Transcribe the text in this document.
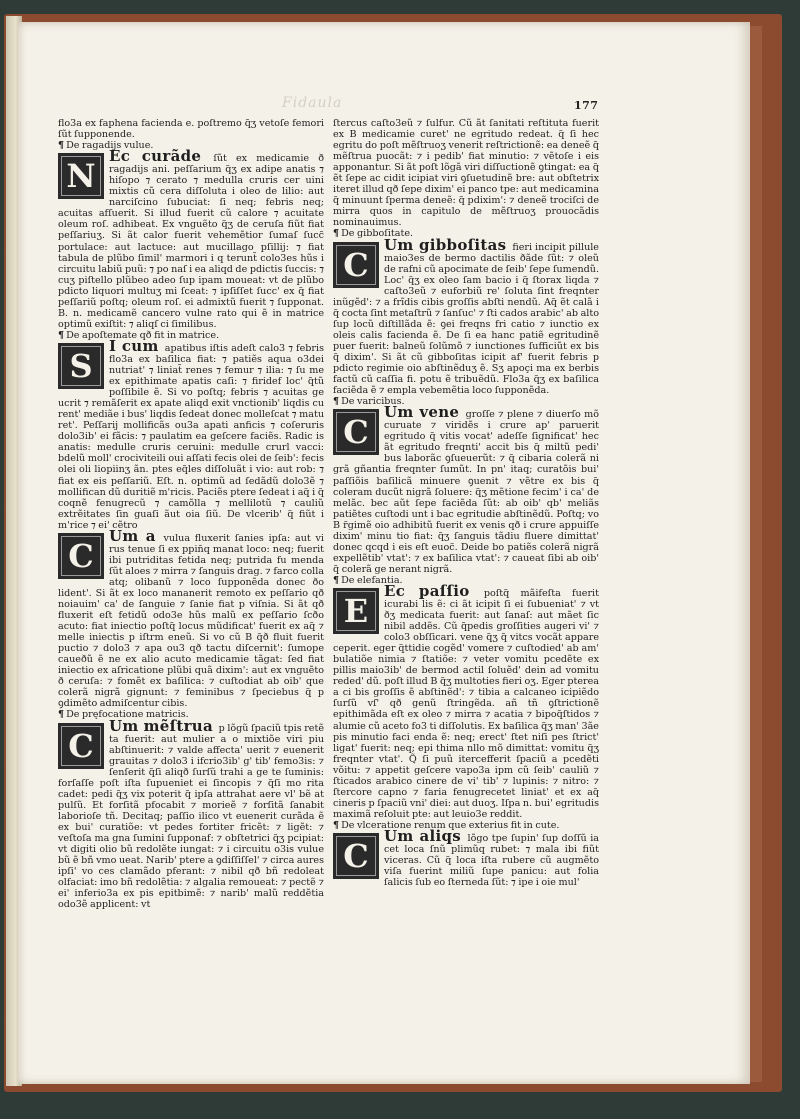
Fidaula	177

flo3a ex faphena facienda e. poſtremo q̃ʒ vetoſe femori ſũt ſupponende.

¶ De ragadijs vulue.

N
Ec curãde ſũt ex medicamie ð ragadijs ani. peſſarium q̃ʒ ex adipe anatis ⁊ hiſopo ⁊ cerato ⁊ medulla cruris cer uini mixtis cũ cera diſſoluta i oleo de lilio: aut narciſcino ſubuciat: ſi neq; febris neq; acuitas afſuerit. Si illud fuerit cũ calore ⁊ acuitate oleum roſ. adhibeat. Ex vnguẽto q̃ʒ de ceruſa fiũt fiat peſſariuʒ. Si ãt calor fuerit vehemẽtior ſumaſ ſucc̃ portulace: aut lactuce: aut mucillago pſillij: ⁊ fiat tabula de plũbo ſimil' marmori i q terunt̃ colo3es hũs i circuitu labiũ puũ: ⁊ po naſ i ea aliqd de pdictis ſuccis: ⁊ cuʒ piſtello plũbeo adeo ſup ipam moueat: vt de plũbo pdicto liquori multuʒ mi ſceat: ⁊ ipſiſſet ſucc' ex q̃ fiat peſſariũ poſtq; oleum roſ. ei admixtũ fuerit ⁊ ſupponat. B. n. medicamẽ cancero vulne rato qui ẽ in matrice optimũ exiſtit: ⁊ aliqſ ci ſimilibus.

¶ De apoſtemate qð fit in matrice.

S
I cum apatibus iſtis adeſt calo3 ⁊ febris flo3a ex baſilica fiat: ⁊ patiẽs aqua o3dei nutriat' ⁊ liniat̃ renes ⁊ femur ⁊ ilia: ⁊ ſu me ex epithimate apatis caſi: ⁊ firidef loc' q̃tũ poſſibile ẽ. Si vo poſtq; febris ⁊ acuitas ge ucrit ⁊ remãſerit ex apate aliqd exit vnctionib' liqdis cu rent' mediãe i bus' liqdis ſedeat donec molleſcat ⁊ matu ret'. Peſſarij mollificãs ou3a apati anficis ⁊ coſeruris dolo3ib' ei fãcis: ⁊ paulatim ea geſcere faciẽs. Radic is anatis: medulle cruris ceruini: medulle crurl vacci: bdelũ moll' crociviteili oui aſſati fecis olei de ſeib': fecis olei oli liopiinʒ ãn. ptes eq̃les diſſoluãt i vio: aut rob: ⁊ fiat ex eis peſſariũ. Eſt. n. optimũ ad ſedãdũ dolo3ẽ ⁊ mollifican dũ duritiẽ m'ricis. Paciẽs ptere ſedeat i aq̃ i q̃ coqnẽ fenugrecũ ⁊ camõlla ⁊ mellilotũ ⁊ cauliũ extrẽitates ſin guaſi ãut oia ſiũ. De vlcerib' q̃ fiũt i m'rice ⁊ ei' cẽtro
C
Um a vulua fluxerit ſanies ipſa: aut vi rus tenue ſi ex ppin̄q manat loco: neq; fuerit ibi putriditas fetida neq; putrida fu menda ſũt aloes ⁊ mirra ⁊ ſanguis drag. ⁊ farco colla atq; olibanũ ⁊ loco ſupponẽda donec ðo lident'. Si ãt ex loco mananerit remoto ex peſſario qð noiauim' ca' de ſanguie ⁊ ſanie fiat p viſnia. Si ãt qð fluxerit eſt fetidũ odo3e hũs malũ ex peſſario ſcðo acuto: fiat iniectio poſtq̃ locus mũdificat' fuerit ex aq̃ ⁊ melle iniectis p iſtrm eneũ. Si vo cũ B q̃ð fluit fuerit puctio ⁊ dolo3 ⁊ apa ou3 qð tactu diſcernit': ſumope caueðũ ẽ ne ex alio acuto medicamie tãgat: ſed fiat iniectio ex aſricatione plũbi quã dixim': aut ex vnguẽto ð ceruſa: ⁊ fomẽt ex baſilica: ⁊ cuſtodiat ab oib' que colerã nigrã gignunt: ⁊ feminibus ⁊ ſpeciebus q̃ p ꝯdimẽto admiſcentur cibis.

¶ De pręfocatione matricis.

C
Um mẽſtrua p lõgũ ſpaciũ tpis retẽ ta fuerit: aut mulier a o mixtiõe viri piu abſtinuerit: ⁊ valde affecta' uerit ⁊ euenerit grauitas ⁊ dolo3 i ifcrio3ib' g' tib' femo3is: ⁊ ſenſerit q̃ſi aliqð ſurſũ trahi a ge te ſuminis: forſaſſe poſt iſta ſupueniet ei ſincopis ⁊ q̃ſi mo rita cadet: pedi q̃ʒ vix poterit q̃ ipſa attrahat aere vl' bẽ at pulſũ. Et forſitã pfocabit ⁊ morieẽ ⁊ forſitã ſanabit laborioſe tñ. Decitaq; paſſio ilico vt euenerit curãda ẽ ex bui' curatiõe: vt pedes fortiter fricẽt: ⁊ ligẽt: ⁊ veſtoſa ma gna ſumini ſupponaf: ⁊ obſtetrici q̃ʒ pcipiat: vt digiti olio bũ redolẽte iungat: ⁊ i circuitu o3is vulue bũ ẽ bñ vmo ueat. Narib' ptere a ꝯdiſſiſſel' ⁊ circa aures ipſi' vo ces clamãdo pferant: ⁊ nibil qð bñ redoleat olfaciat: imo bñ redolẽtia: ⁊ algalia remoueat: ⁊ pectẽ ⁊ ei' inferio3a ex pis epitbimẽ: ⁊ narib' malũ reddẽtia odo3ẽ applicent: vt

ſtercus caſto3eũ ⁊ ſulfur. Cũ ãt ſanitati reſtituta fuerit ex B medicamie curet' ne egritudo redeat. q̃ ſi hec egritu do poſt mẽſtruoʒ venerit reſtrictionẽ: ea deneẽ q̃ mẽſtrua puocãt: ⁊ i pedib' fiat minutio: ⁊ vẽtoſe i eis apponantur. Si ãt poſt lõgã viri diſſuctionẽ ꝯtingat: ea q̃ ẽt ſepe ac cidit icipiat viri ꝯſuetudinẽ bre: aut obſtetrix iteret illud qð ſepe dixim' ei panco tpe: aut medicamina q̃ minuunt ſperma deneẽ: q̃ pdixim': ⁊ deneẽ trociſci de mirra quos in capitulo de mẽſtruoʒ prouocãdis nominauimus.

¶ De gibboſitate.

C
Um gibboſitas fieri incipit pillule maio3es de bermo dactilis ðãde ſũt: ⁊ oleũ de rafni cũ apocimate de ſeib' ſepe ſumendũ. Loc' q̃ʒ ex oleo ſam bacio i q̃ ſtorax liqda ⁊ caſto3eũ ⁊ euforbiũ re' ſoluta ſint freqnter inũgẽd': ⁊ a frĩdis cibis groſſis abſti nendũ. Aq̃ ẽt calã i q̃ cocta ſint metaſtrũ ⁊ ſanſuc' ⁊ ſti cados arabic' ab alto ſup locũ diſtillãda ẽ: ꝯei freqns fri catio ⁊ iunctio ex oleis calis facienda ẽ. De ſi ea hanc patiẽ egritudinẽ puer fuerit: balneũ ſolũmõ ⁊ iunctiones ſufficiũt ex bis q̃ dixim'. Si ãt cũ gibboſitas icipit af' fuerit febris p pdicto regimie oio abſtinẽduʒ ẽ. Sʒ apoçi ma ex berbis factũ cũ caſſia fi. potu ẽ tribuẽdũ. Flo3a q̃ʒ ex baſilica faciẽda ẽ ⁊ empla vebemẽtia loco ſupponẽda.

¶ De varicibus.

C
Um vene groſſe ⁊ plene ⁊ diuerſo mõ curuate ⁊ viridẽs i crure ap' paruerit egritudo q̃ vitis vocat' adeſſe ſignificat' hec ãt egritudo freqnti' accit bis q̃ miltũ pedi' bus laborãc ꝯſueuerũt: ⁊ q̃ cibaria colerã ni grã gñantia freqnter ſumũt. In pn' itaq; curatõis bui' paſſiõis baſilicã minuere ꝯuenit ⁊ vẽtre ex bis q̃ coleram ducũt nigrã ſoluere: q̃ʒ mẽtione fecim' i ca' de melãc. bec aũt ſepe faciẽda ſũt: ab oib' qb' meliãs patiẽtes cuſtodi unt i bac egritudie abſtinẽdũ. Poſtq; vo B r̃gimẽ oio adhibitũ fuerit ex venis qð i crure appuiſſe dixim' minu tio fiat: q̃ʒ ſanguis tãdiu fluere dimittat' donec qcqd i eis eſt euoc̃. Deide bo patiẽs colerã nigrã expellẽtib' vtat': ⁊ ex baſilica vtat': ⁊ caueat ſibi ab oib' q̃ colerã ge nerant nigrã.

¶ De elefantia.

E
Ec paſſio poſtq̃ mãifeſta fuerit icurabi lis ẽ: ci ãt icipit ſi ei ſubueniat' ⁊ vt ðʒ medicata fuerit: aut ſanaſ: aut mãet ſic nibil addẽs. Cũ q̃pedis groſſities augeri vi' ⁊ colo3 obſſicari. vene q̃ʒ q̃ vitcs vocãt appare ceperit. eger q̃ttidie cogẽd' vomere ⁊ cuſtodied' ab am' bulatiõe nimia ⁊ ſtatiõe: ⁊ veter vomitu pcedẽte ex pillis maio3ib' de bermod actil ſoluẽd' dein ad vomitu reded' dũ. poſt illud B q̃ʒ multoties fieri oʒ. Eger pterea a ci bis groſſis ẽ abſtinẽd': ⁊ tibia a calcaneo icipiẽdo ſurſũ vſ' qð genũ ſtringẽda. añ tñ ꝯſtrictionẽ epithimãda eſt ex oleo ⁊ mirra ⁊ acatia ⁊ bipoq̃ſtidos ⁊ alumie cũ aceto fo3 ti diſſolutis. Ex baſilica q̃ʒ man' 3ãe pis minutio faci enda ẽ: neq; erect' ſtet niſi pes ſtrict' ligat' fuerit: neq; epi thima nllo mõ dimittat: vomitu q̃ʒ freqnter vtat'. Q̃ ſi puũ itercefferit ſpaciũ a pcedẽti võitu: ⁊ appetit geſcere vapo3a ipm cũ ſeib' cauliũ ⁊ ſticados arabico cinere de vi' tib' ⁊ lupinis: ⁊ nitro: ⁊ ſtercore capno ⁊ faria fenugrecetet liniat' et ex aq̃ cineris p ſpaciũ vni' diei: aut duoʒ. Iſpa n. bui' egritudis maximã reſoluit pte: aut leuio3e reddit.

¶ De vlceratione renum que exterius fit in cute.

C
Um aliqs lõgo tpe ſupin' ſup doſſũ ia cet loca ſnũ plimũq rubet: ⁊ mala ibi fiũt viceras. Cũ q̃ loca iſta rubere cũ augmẽto viſa fuerint miliũ ſupe panicu: aut folia ſalicis ſub eo ſterneda ſũt: ⁊ ipe i oie mul'
